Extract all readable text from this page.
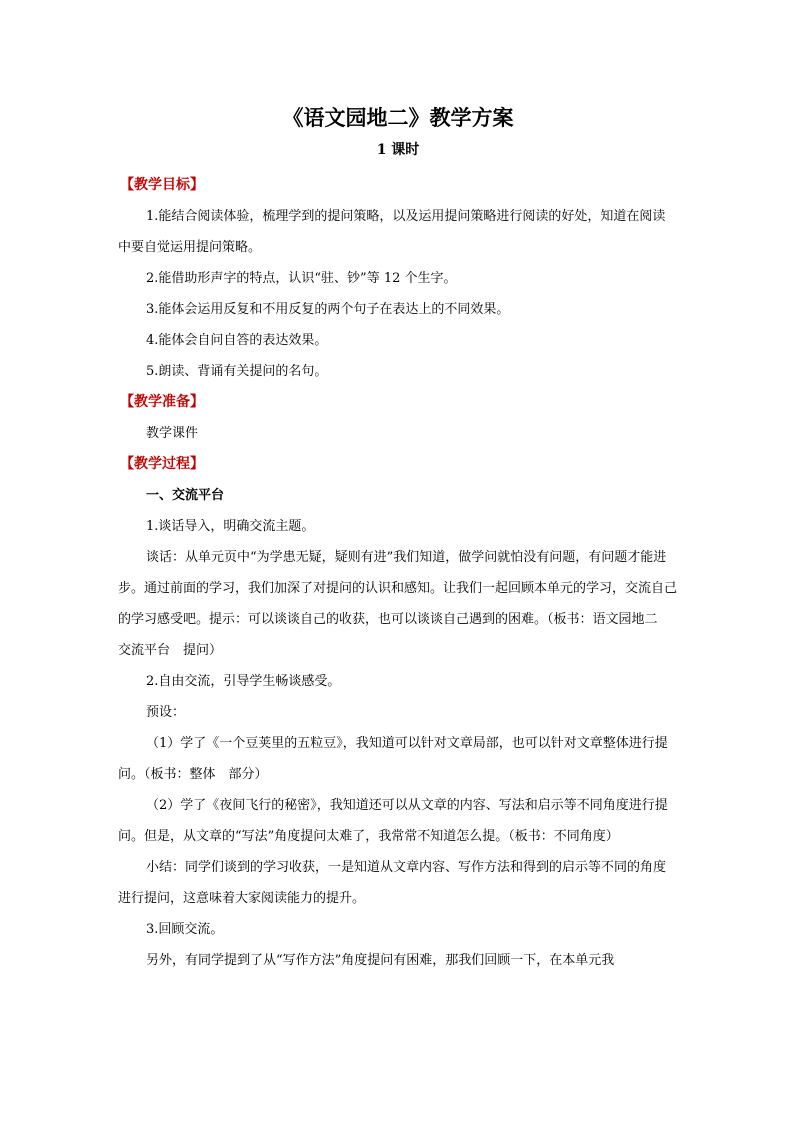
《语文园地二》教学方案
1 课时
【教学目标】

1.能结合阅读体验，梳理学到的提问策略，以及运用提问策略进行阅读的好处，知道在阅读中要自觉运用提问策略。

2.能借助形声字的特点，认识“驻、钞”等 12 个生字。

3.能体会运用反复和不用反复的两个句子在表达上的不同效果。

4.能体会自问自答的表达效果。

5.朗读、背诵有关提问的名句。

【教学准备】

教学课件

【教学过程】

一、交流平台

1.谈话导入，明确交流主题。

谈话：从单元页中“为学患无疑，疑则有进”我们知道，做学问就怕没有问题，有问题才能进步。通过前面的学习，我们加深了对提问的认识和感知。让我们一起回顾本单元的学习，交流自己的学习感受吧。提示：可以谈谈自己的收获，也可以谈谈自己遇到的困难。（板书：语文园地二　交流平台　提问）

2.自由交流，引导学生畅谈感受。

预设：

（1）学了《一个豆荚里的五粒豆》，我知道可以针对文章局部，也可以针对文章整体进行提问。（板书：整体　部分）

（2）学了《夜间飞行的秘密》，我知道还可以从文章的内容、写法和启示等不同角度进行提问。但是，从文章的“写法”角度提问太难了，我常常不知道怎么提。（板书：不同角度）

小结：同学们谈到的学习收获，一是知道从文章内容、写作方法和得到的启示等不同的角度进行提问，这意味着大家阅读能力的提升。

3.回顾交流。

另外，有同学提到了从“写作方法”角度提问有困难，那我们回顾一下，在本单元我
